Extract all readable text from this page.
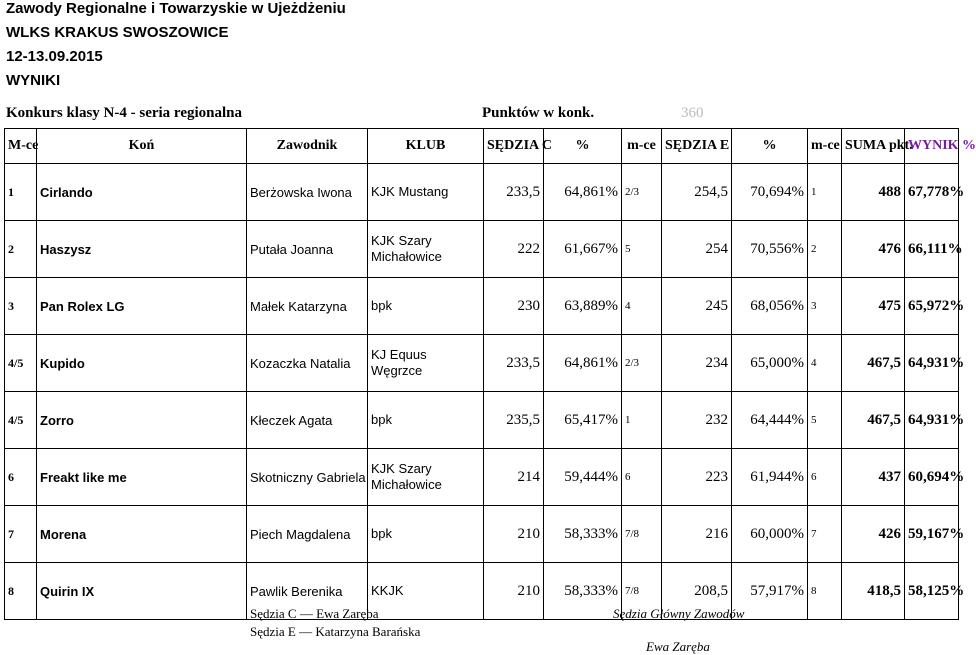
Zawody Regionalne i Towarzyskie w Ujeżdżeniu
WLKS KRAKUS SWOSZOWICE
12-13.09.2015
WYNIKI
Konkurs klasy N-4 - seria regionalna	Punktów w konk.	360
M-ce	Koń	Zawodnik	KLUB	SĘDZIA C	%	m-ce	SĘDZIA E	%	m-ce	SUMA pkt.	WYNIK %
1	Cirlando	Berżowska Iwona	KJK Mustang	233,5	64,861%	2/3	254,5	70,694%	1	488	67,778%
2	Haszysz	Putała Joanna	KJK Szary Michałowice	222	61,667%	5	254	70,556%	2	476	66,111%
3	Pan Rolex LG	Małek Katarzyna	bpk	230	63,889%	4	245	68,056%	3	475	65,972%
4/5	Kupido	Kozaczka Natalia	KJ Equus Węgrzce	233,5	64,861%	2/3	234	65,000%	4	467,5	64,931%
4/5	Zorro	Kłeczek Agata	bpk	235,5	65,417%	1	232	64,444%	5	467,5	64,931%
6	Freakt like me	Skotniczny Gabriela	KJK Szary Michałowice	214	59,444%	6	223	61,944%	6	437	60,694%
7	Morena	Piech Magdalena	bpk	210	58,333%	7/8	216	60,000%	7	426	59,167%
8	Quirin IX	Pawlik Berenika	KKJK	210	58,333%	7/8	208,5	57,917%	8	418,5	58,125%
Sędzia C — Ewa Zaręba
Sędzia E — Katarzyna Barańska
Sędzia Główny Zawodów
Ewa Zaręba
